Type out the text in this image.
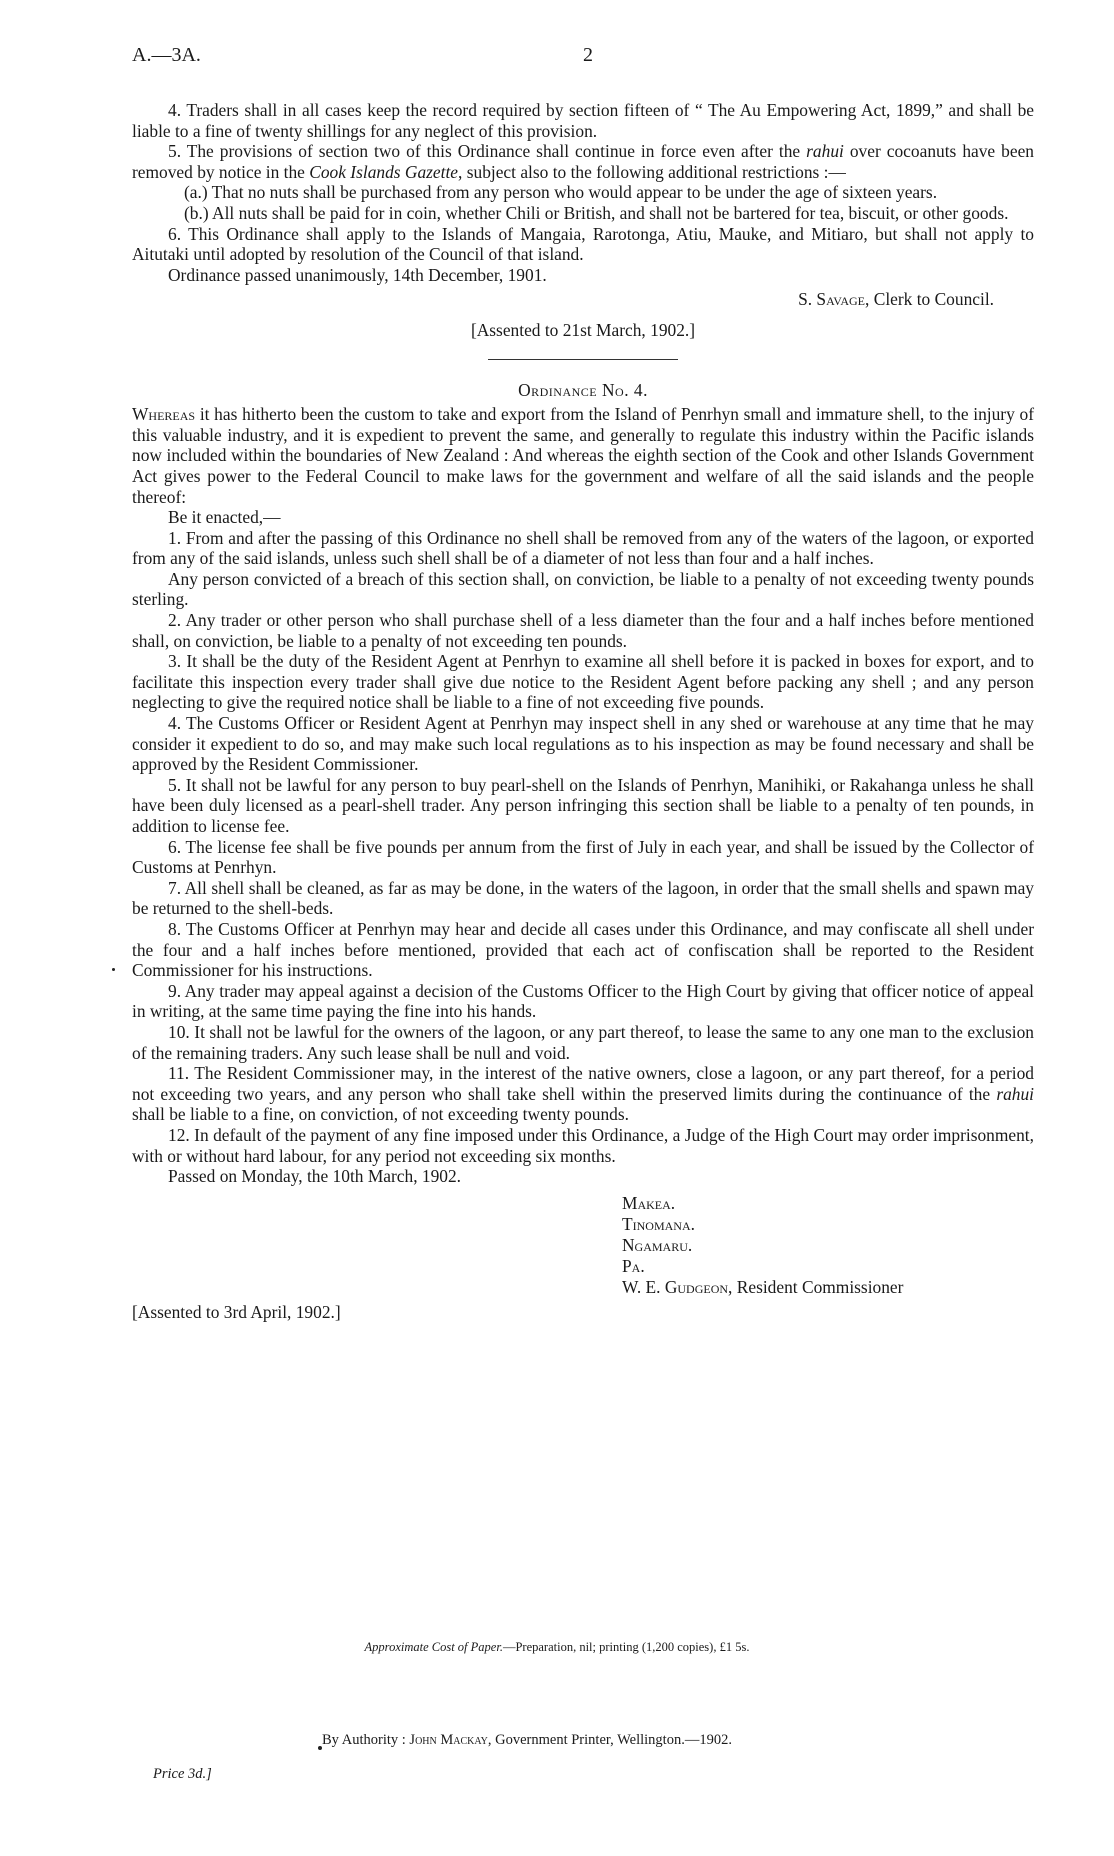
A.—3A.	2

4. Traders shall in all cases keep the record required by section fifteen of “ The Au Empowering Act, 1899,” and shall be liable to a fine of twenty shillings for any neglect of this provision.

5. The provisions of section two of this Ordinance shall continue in force even after the rahui over cocoanuts have been removed by notice in the Cook Islands Gazette, subject also to the following additional restrictions :—

(a.) That no nuts shall be purchased from any person who would appear to be under the age of sixteen years.

(b.) All nuts shall be paid for in coin, whether Chili or British, and shall not be bartered for tea, biscuit, or other goods.

6. This Ordinance shall apply to the Islands of Mangaia, Rarotonga, Atiu, Mauke, and Mitiaro, but shall not apply to Aitutaki until adopted by resolution of the Council of that island.

Ordinance passed unanimously, 14th December, 1901.

S. Savage, Clerk to Council.

[Assented to 21st March, 1902.]

Ordinance No. 4.

Whereas it has hitherto been the custom to take and export from the Island of Penrhyn small and immature shell, to the injury of this valuable industry, and it is expedient to prevent the same, and generally to regulate this industry within the Pacific islands now included within the boundaries of New Zealand : And whereas the eighth section of the Cook and other Islands Government Act gives power to the Federal Council to make laws for the government and welfare of all the said islands and the people thereof:

Be it enacted,—

1. From and after the passing of this Ordinance no shell shall be removed from any of the waters of the lagoon, or exported from any of the said islands, unless such shell shall be of a diameter of not less than four and a half inches.

Any person convicted of a breach of this section shall, on conviction, be liable to a penalty of not exceeding twenty pounds sterling.

2. Any trader or other person who shall purchase shell of a less diameter than the four and a half inches before mentioned shall, on conviction, be liable to a penalty of not exceeding ten pounds.

3. It shall be the duty of the Resident Agent at Penrhyn to examine all shell before it is packed in boxes for export, and to facilitate this inspection every trader shall give due notice to the Resident Agent before packing any shell ; and any person neglecting to give the required notice shall be liable to a fine of not exceeding five pounds.

4. The Customs Officer or Resident Agent at Penrhyn may inspect shell in any shed or warehouse at any time that he may consider it expedient to do so, and may make such local regulations as to his inspection as may be found necessary and shall be approved by the Resident Commissioner.

5. It shall not be lawful for any person to buy pearl-shell on the Islands of Penrhyn, Manihiki, or Rakahanga unless he shall have been duly licensed as a pearl-shell trader. Any person infringing this section shall be liable to a penalty of ten pounds, in addition to license fee.

6. The license fee shall be five pounds per annum from the first of July in each year, and shall be issued by the Collector of Customs at Penrhyn.

7. All shell shall be cleaned, as far as may be done, in the waters of the lagoon, in order that the small shells and spawn may be returned to the shell-beds.

8. The Customs Officer at Penrhyn may hear and decide all cases under this Ordinance, and may confiscate all shell under the four and a half inches before mentioned, provided that each act of confiscation shall be reported to the Resident Commissioner for his instructions.

9. Any trader may appeal against a decision of the Customs Officer to the High Court by giving that officer notice of appeal in writing, at the same time paying the fine into his hands.

10. It shall not be lawful for the owners of the lagoon, or any part thereof, to lease the same to any one man to the exclusion of the remaining traders. Any such lease shall be null and void.

11. The Resident Commissioner may, in the interest of the native owners, close a lagoon, or any part thereof, for a period not exceeding two years, and any person who shall take shell within the preserved limits during the continuance of the rahui shall be liable to a fine, on conviction, of not exceeding twenty pounds.

12. In default of the payment of any fine imposed under this Ordinance, a Judge of the High Court may order imprisonment, with or without hard labour, for any period not exceeding six months.

Passed on Monday, the 10th March, 1902.

Makea.
Tinomana.
Ngamaru.
Pa.

W. E. Gudgeon, Resident Commissioner

[Assented to 3rd April, 1902.]

Approximate Cost of Paper.—Preparation, nil; printing (1,200 copies), £1 5s.
By Authority : John Mackay, Government Printer, Wellington.—1902.
Price 3d.]
